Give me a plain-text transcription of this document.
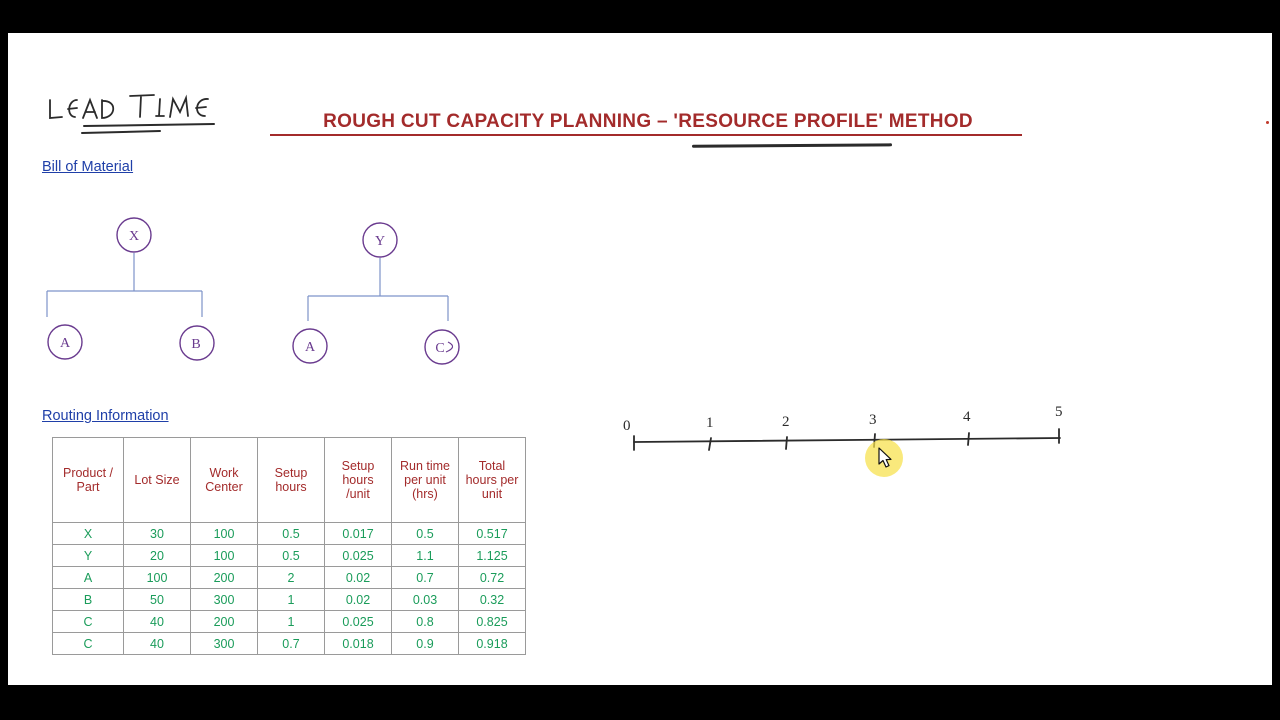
ROUGH CUT CAPACITY PLANNING – 'RESOURCE PROFILE' METHOD
Bill of Material
Routing Information
X	Y
A	B	A	C
Product / Part	Lot Size	Work Center	Setup hours	Setup hours /unit	Run time per unit (hrs)	Total hours per unit
X	30	100	0.5	0.017	0.5	0.517
Y	20	100	0.5	0.025	1.1	1.125
A	100	200	2	0.02	0.7	0.72
B	50	300	1	0.02	0.03	0.32
C	40	200	1	0.025	0.8	0.825
C	40	300	0.7	0.018	0.9	0.918
0	1	2	3	4	5
